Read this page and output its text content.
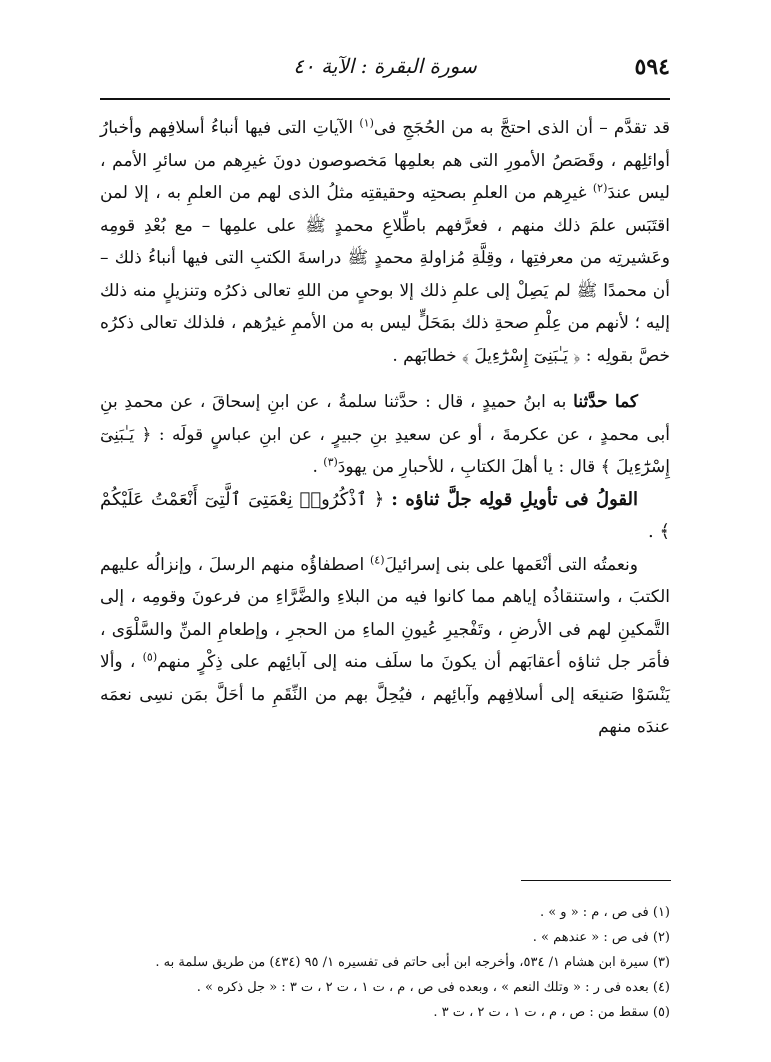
٥٩٤
سورة البقرة : الآية ٤٠

قد تقدَّم – أن الذى احتجَّ به من الحُجَجِ فى$^{(١)}$ الآياتِ التى فيها أنباءُ أسلافِهم وأخبارُ أوائلِهم ، وقَصَصُ الأمورِ التى هم بعلمِها مَخصوصون دونَ غيرِهم من سائرِ الأمم ، ليس عندَ$^{(٢)}$ غيرِهم من العلمِ بصحتِه وحقيقتِه مثلُ الذى لهم من العلمِ به ، إلا لمن اقتَبَس علمَ ذلك منهم ، فعرَّفهم باطِّلاعِ محمدٍ ﷺ على علمِها – مع بُعْدِ قومِه وعَشيرتِه من معرفتِها ، وقِلَّةِ مُزاولةِ محمدٍ ﷺ دراسةَ الكتبِ التى فيها أنباءُ ذلك – أن محمدًا ﷺ لم يَصِلْ إلى علمِ ذلك إلا بوحىٍ من اللهِ تعالى ذكرُه وتنزيلٍ منه ذلك إليه ؛ لأنهم من عِلْمِ صحةِ ذلك بمَحَلٍّ ليس به من الأممِ غيرُهم ، فلذلك تعالى ذكرُه خصَّ بقولِه : ﴿ يَـٰبَنِىٓ إِسْرَٰٓءِيلَ ﴾ خطابَهم .

كما حدَّثنا به ابنُ حميدٍ ، قال : حدَّثنا سلمةُ ، عن ابنِ إسحاقَ ، عن محمدِ بنِ أبى محمدٍ ، عن عكرمةَ ، أو عن سعيدِ بنِ جبيرٍ ، عن ابنِ عباسٍ قولَه : ﴿ يَـٰبَنِىٓ إِسْرَٰٓءِيلَ ﴾ قال : يا أهلَ الكتابِ ، للأحبارِ من يهودَ$^{(٣)}$ .

القولُ فى تأويلِ قولِه جلَّ ثناؤه : ﴿ ٱذْكُرُوا۟ نِعْمَتِىَ ٱلَّتِىٓ أَنْعَمْتُ عَلَيْكُمْ ﴾ .

ونعمتُه التى أنْعَمها على بنى إسرائيلَ$^{(٤)}$ اصطفاؤُه منهم الرسلَ ، وإنزالُه عليهم الكتبَ ، واستنقاذُه إياهم مما كانوا فيه من البلاءِ والضَّرَّاءِ من فرعونَ وقومِه ، إلى التَّمكينِ لهم فى الأرضِ ، وتَفْجيرِ عُيونِ الماءِ من الحجرِ ، وإطعامِ المنِّ والسَّلْوَى ، فأمَر جل ثناؤه أعقابَهم أن يكونَ ما سلَف منه إلى آبائِهم على ذِكْرٍ منهم$^{(٥)}$ ، وألا يَنْسَوْا صَنيعَه إلى أسلافِهم وآبائِهم ، فيُحِلَّ بهم من النِّقَمِ ما أحَلَّ بمَن نسِى نعمَه عندَه منهم

(١) فى ص ، م : « و » .
(٢) فى ص : « عندهم » .
(٣) سيرة ابن هشام ١/ ٥٣٤، وأخرجه ابن أبى حاتم فى تفسيره ١/ ٩٥ (٤٣٤) من طريق سلمة به .
(٤) بعده فى ر : « وتلك النعم » ، وبعده فى ص ، م ، ت ١ ، ت ٢ ، ت ٣ : « جل ذكره » .
(٥) سقط من : ص ، م ، ت ١ ، ت ٢ ، ت ٣ .
